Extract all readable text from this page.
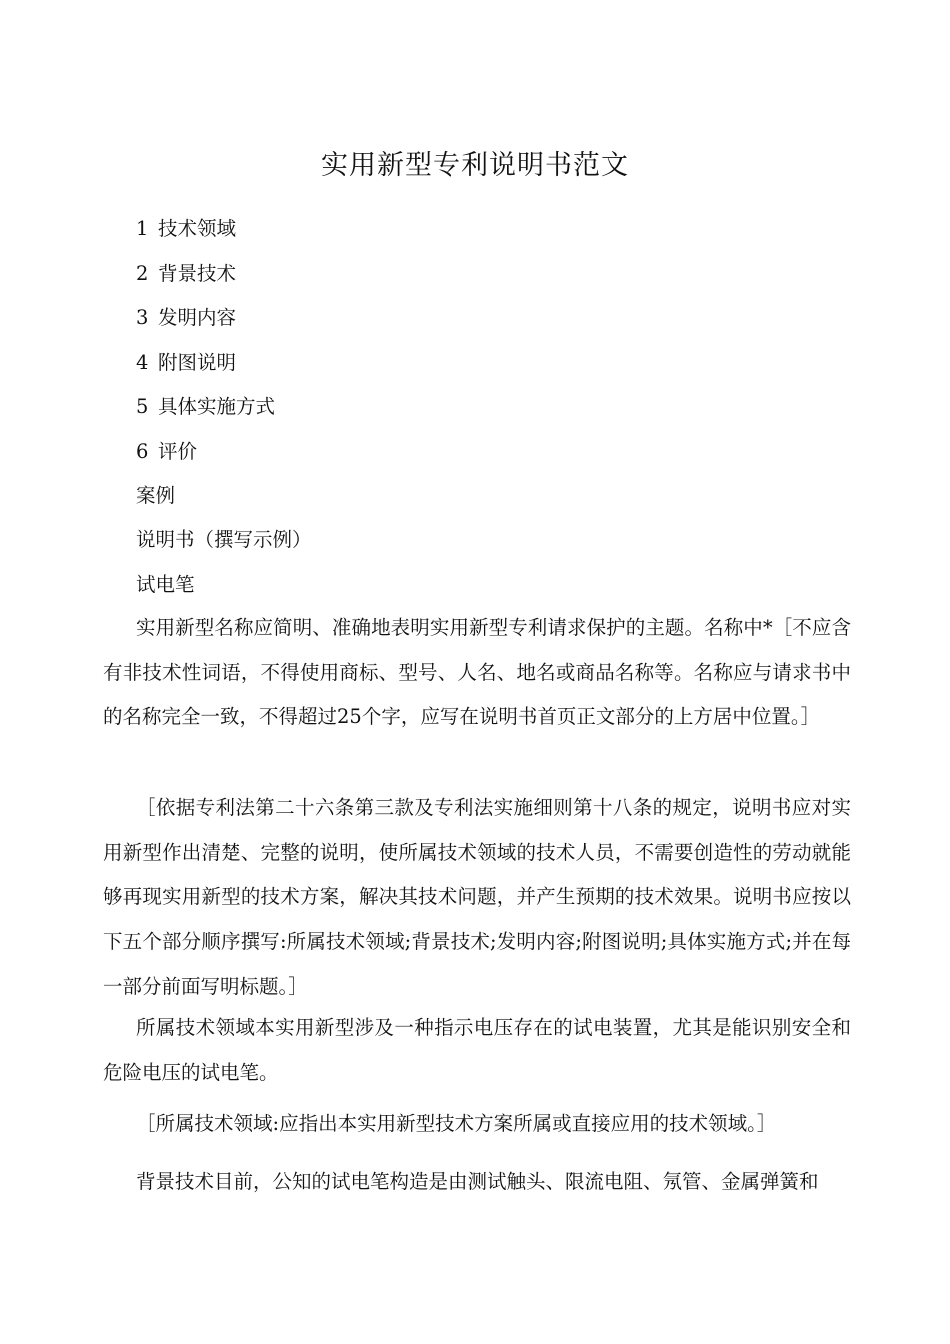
实用新型专利说明书范文
1 技术领域
2 背景技术
3 发明内容
4 附图说明
5 具体实施方式
6 评价
案例
说明书（撰写示例）
试电笔

实用新型名称应简明、准确地表明实用新型专利请求保护的主题。名称中*［不应含有非技术性词语，不得使用商标、型号、人名、地名或商品名称等。名称应与请求书中的名称完全一致，不得超过25个字，应写在说明书首页正文部分的上方居中位置。］

［依据专利法第二十六条第三款及专利法实施细则第十八条的规定，说明书应对实用新型作出清楚、完整的说明，使所属技术领域的技术人员，不需要创造性的劳动就能够再现实用新型的技术方案，解决其技术问题，并产生预期的技术效果。说明书应按以下五个部分顺序撰写:所属技术领域;背景技术;发明内容;附图说明;具体实施方式;并在每一部分前面写明标题。］

所属技术领域本实用新型涉及一种指示电压存在的试电装置，尤其是能识别安全和危险电压的试电笔。

［所属技术领域:应指出本实用新型技术方案所属或直接应用的技术领域。］

背景技术目前，公知的试电笔构造是由测试触头、限流电阻、氖管、金属弹簧和
